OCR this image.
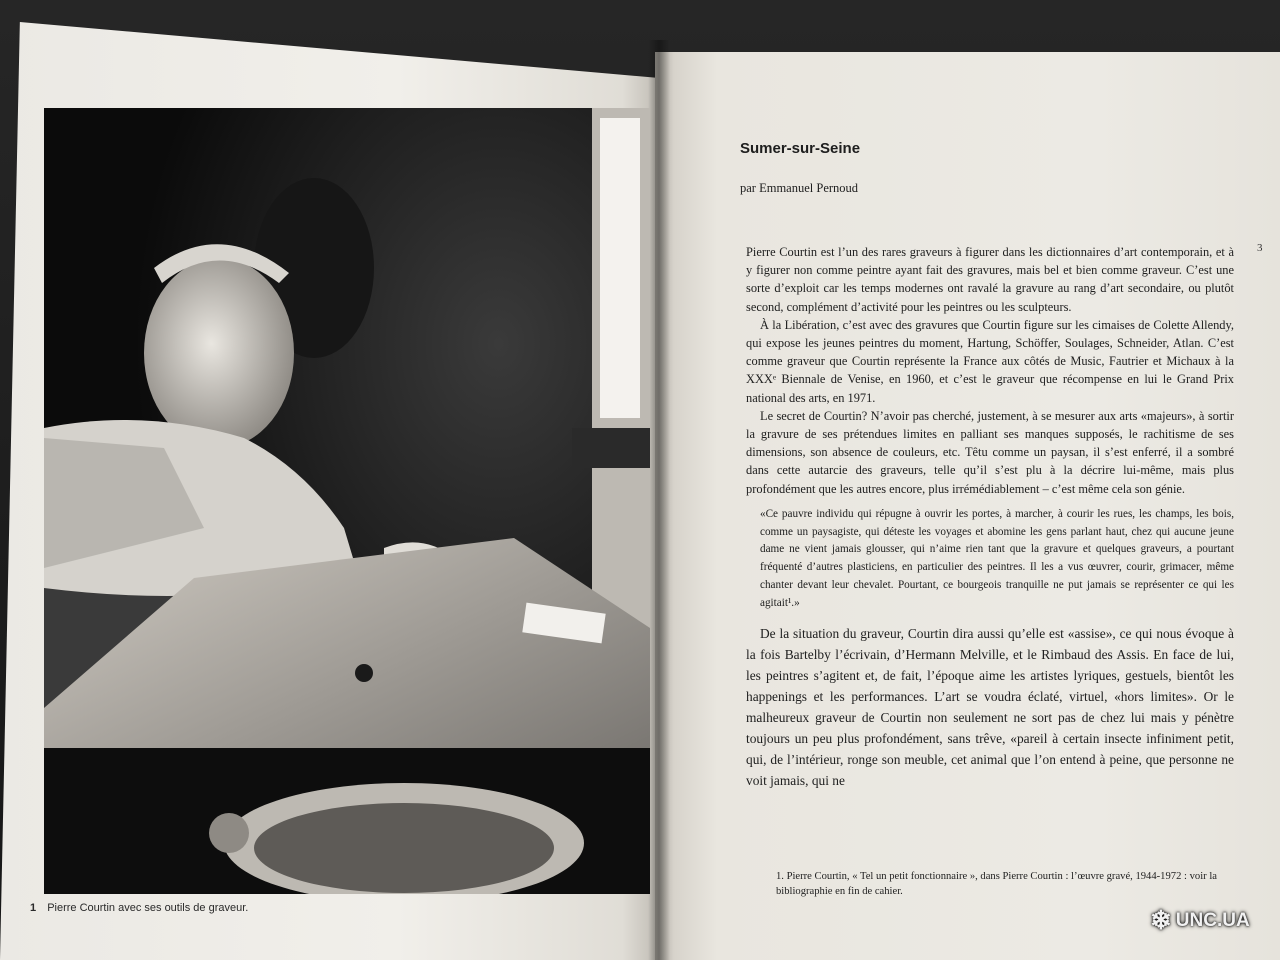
1 Pierre Courtin avec ses outils de graveur.
Sumer-sur-Seine
par Emmanuel Pernoud
3

Pierre Courtin est l’un des rares graveurs à figurer dans les dictionnaires d’art contemporain, et à y figurer non comme peintre ayant fait des gravures, mais bel et bien comme graveur. C’est une sorte d’exploit car les temps modernes ont ravalé la gravure au rang d’art secondaire, ou plutôt second, complément d’activité pour les peintres ou les sculpteurs.

À la Libération, c’est avec des gravures que Courtin figure sur les cimaises de Colette Allendy, qui expose les jeunes peintres du moment, Hartung, Schöffer, Soulages, Schneider, Atlan. C’est comme graveur que Courtin représente la France aux côtés de Music, Fautrier et Michaux à la XXXᵉ Biennale de Venise, en 1960, et c’est le graveur que récompense en lui le Grand Prix national des arts, en 1971.

Le secret de Courtin? N’avoir pas cherché, justement, à se mesurer aux arts «majeurs», à sortir la gravure de ses prétendues limites en palliant ses manques supposés, le rachitisme de ses dimensions, son absence de couleurs, etc. Têtu comme un paysan, il s’est enferré, il a sombré dans cette autarcie des graveurs, telle qu’il s’est plu à la décrire lui-même, mais plus profondément que les autres encore, plus irrémédiablement – c’est même cela son génie.

«Ce pauvre individu qui répugne à ouvrir les portes, à marcher, à courir les rues, les champs, les bois, comme un paysagiste, qui déteste les voyages et abomine les gens parlant haut, chez qui aucune jeune dame ne vient jamais glousser, qui n’aime rien tant que la gravure et quelques graveurs, a pourtant fréquenté d’autres plasticiens, en particulier des peintres. Il les a vus œuvrer, courir, grimacer, même chanter devant leur chevalet. Pourtant, ce bourgeois tranquille ne put jamais se représenter ce qui les agitait¹.»

De la situation du graveur, Courtin dira aussi qu’elle est «assise», ce qui nous évoque à la fois Bartelby l’écrivain, d’Hermann Melville, et le Rimbaud des Assis. En face de lui, les peintres s’agitent et, de fait, l’époque aime les artistes lyriques, gestuels, bientôt les happenings et les performances. L’art se voudra éclaté, virtuel, «hors limites». Or le malheureux graveur de Courtin non seulement ne sort pas de chez lui mais y pénètre toujours un peu plus profondément, sans trêve, «pareil à certain insecte infiniment petit, qui, de l’intérieur, ronge son meuble, cet animal que l’on entend à peine, que personne ne voit jamais, qui ne

1. Pierre Courtin, « Tel un petit fonctionnaire », dans Pierre Courtin : l’œuvre gravé, 1944-1972 : voir la bibliographie en fin de cahier.
❄ UNC.UA
